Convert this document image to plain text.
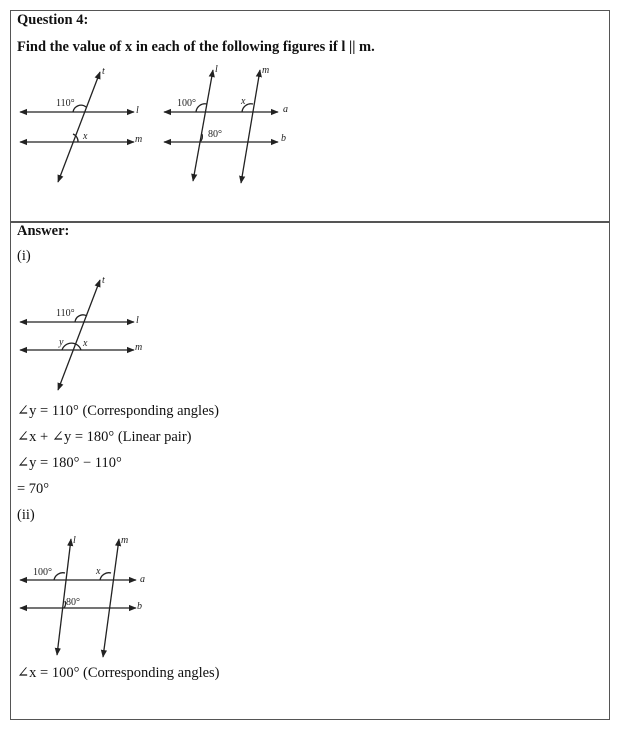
Question 4:
Find the value of x in each of the following figures if l || m.
t
l
m
110°
x
l	m
a
b
100°
80°
x
t
l
m
110°
y x
l	m
a
b
100°
80°
x
Answer:
(i)
∠y = 110° (Corresponding angles)
∠x + ∠y = 180° (Linear pair)
∠y = 180° − 110°
= 70°
(ii)
∠x = 100° (Corresponding angles)
